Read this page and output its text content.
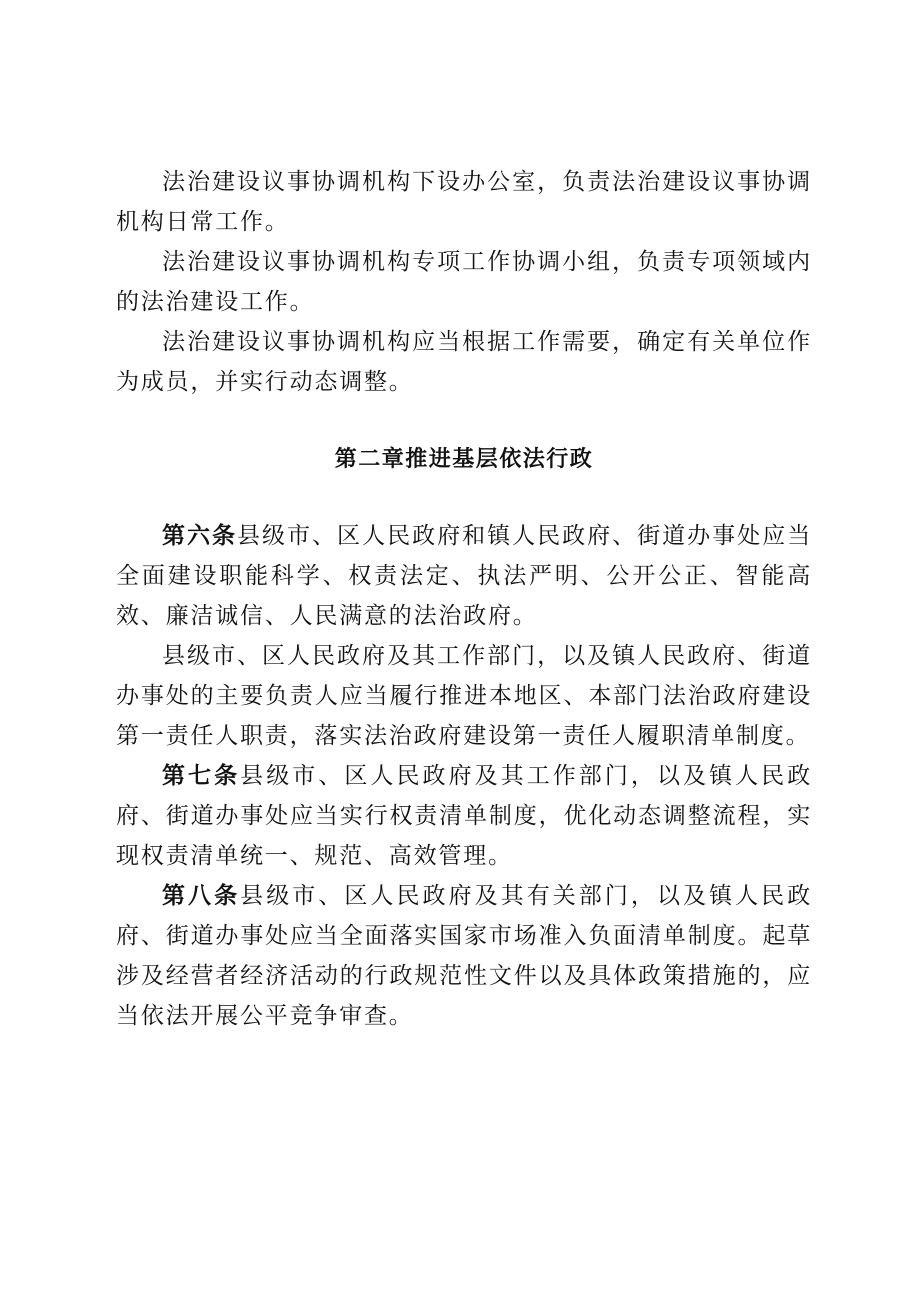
法治建设议事协调机构下设办公室，负责法治建设议事协调机构日常工作。

法治建设议事协调机构专项工作协调小组，负责专项领域内的法治建设工作。

法治建设议事协调机构应当根据工作需要，确定有关单位作为成员，并实行动态调整。

第二章推进基层依法行政

第六条县级市、区人民政府和镇人民政府、街道办事处应当全面建设职能科学、权责法定、执法严明、公开公正、智能高效、廉洁诚信、人民满意的法治政府。

县级市、区人民政府及其工作部门，以及镇人民政府、街道办事处的主要负责人应当履行推进本地区、本部门法治政府建设第一责任人职责，落实法治政府建设第一责任人履职清单制度。

第七条县级市、区人民政府及其工作部门，以及镇人民政府、街道办事处应当实行权责清单制度，优化动态调整流程，实现权责清单统一、规范、高效管理。

第八条县级市、区人民政府及其有关部门，以及镇人民政府、街道办事处应当全面落实国家市场准入负面清单制度。起草涉及经营者经济活动的行政规范性文件以及具体政策措施的，应当依法开展公平竞争审查。
